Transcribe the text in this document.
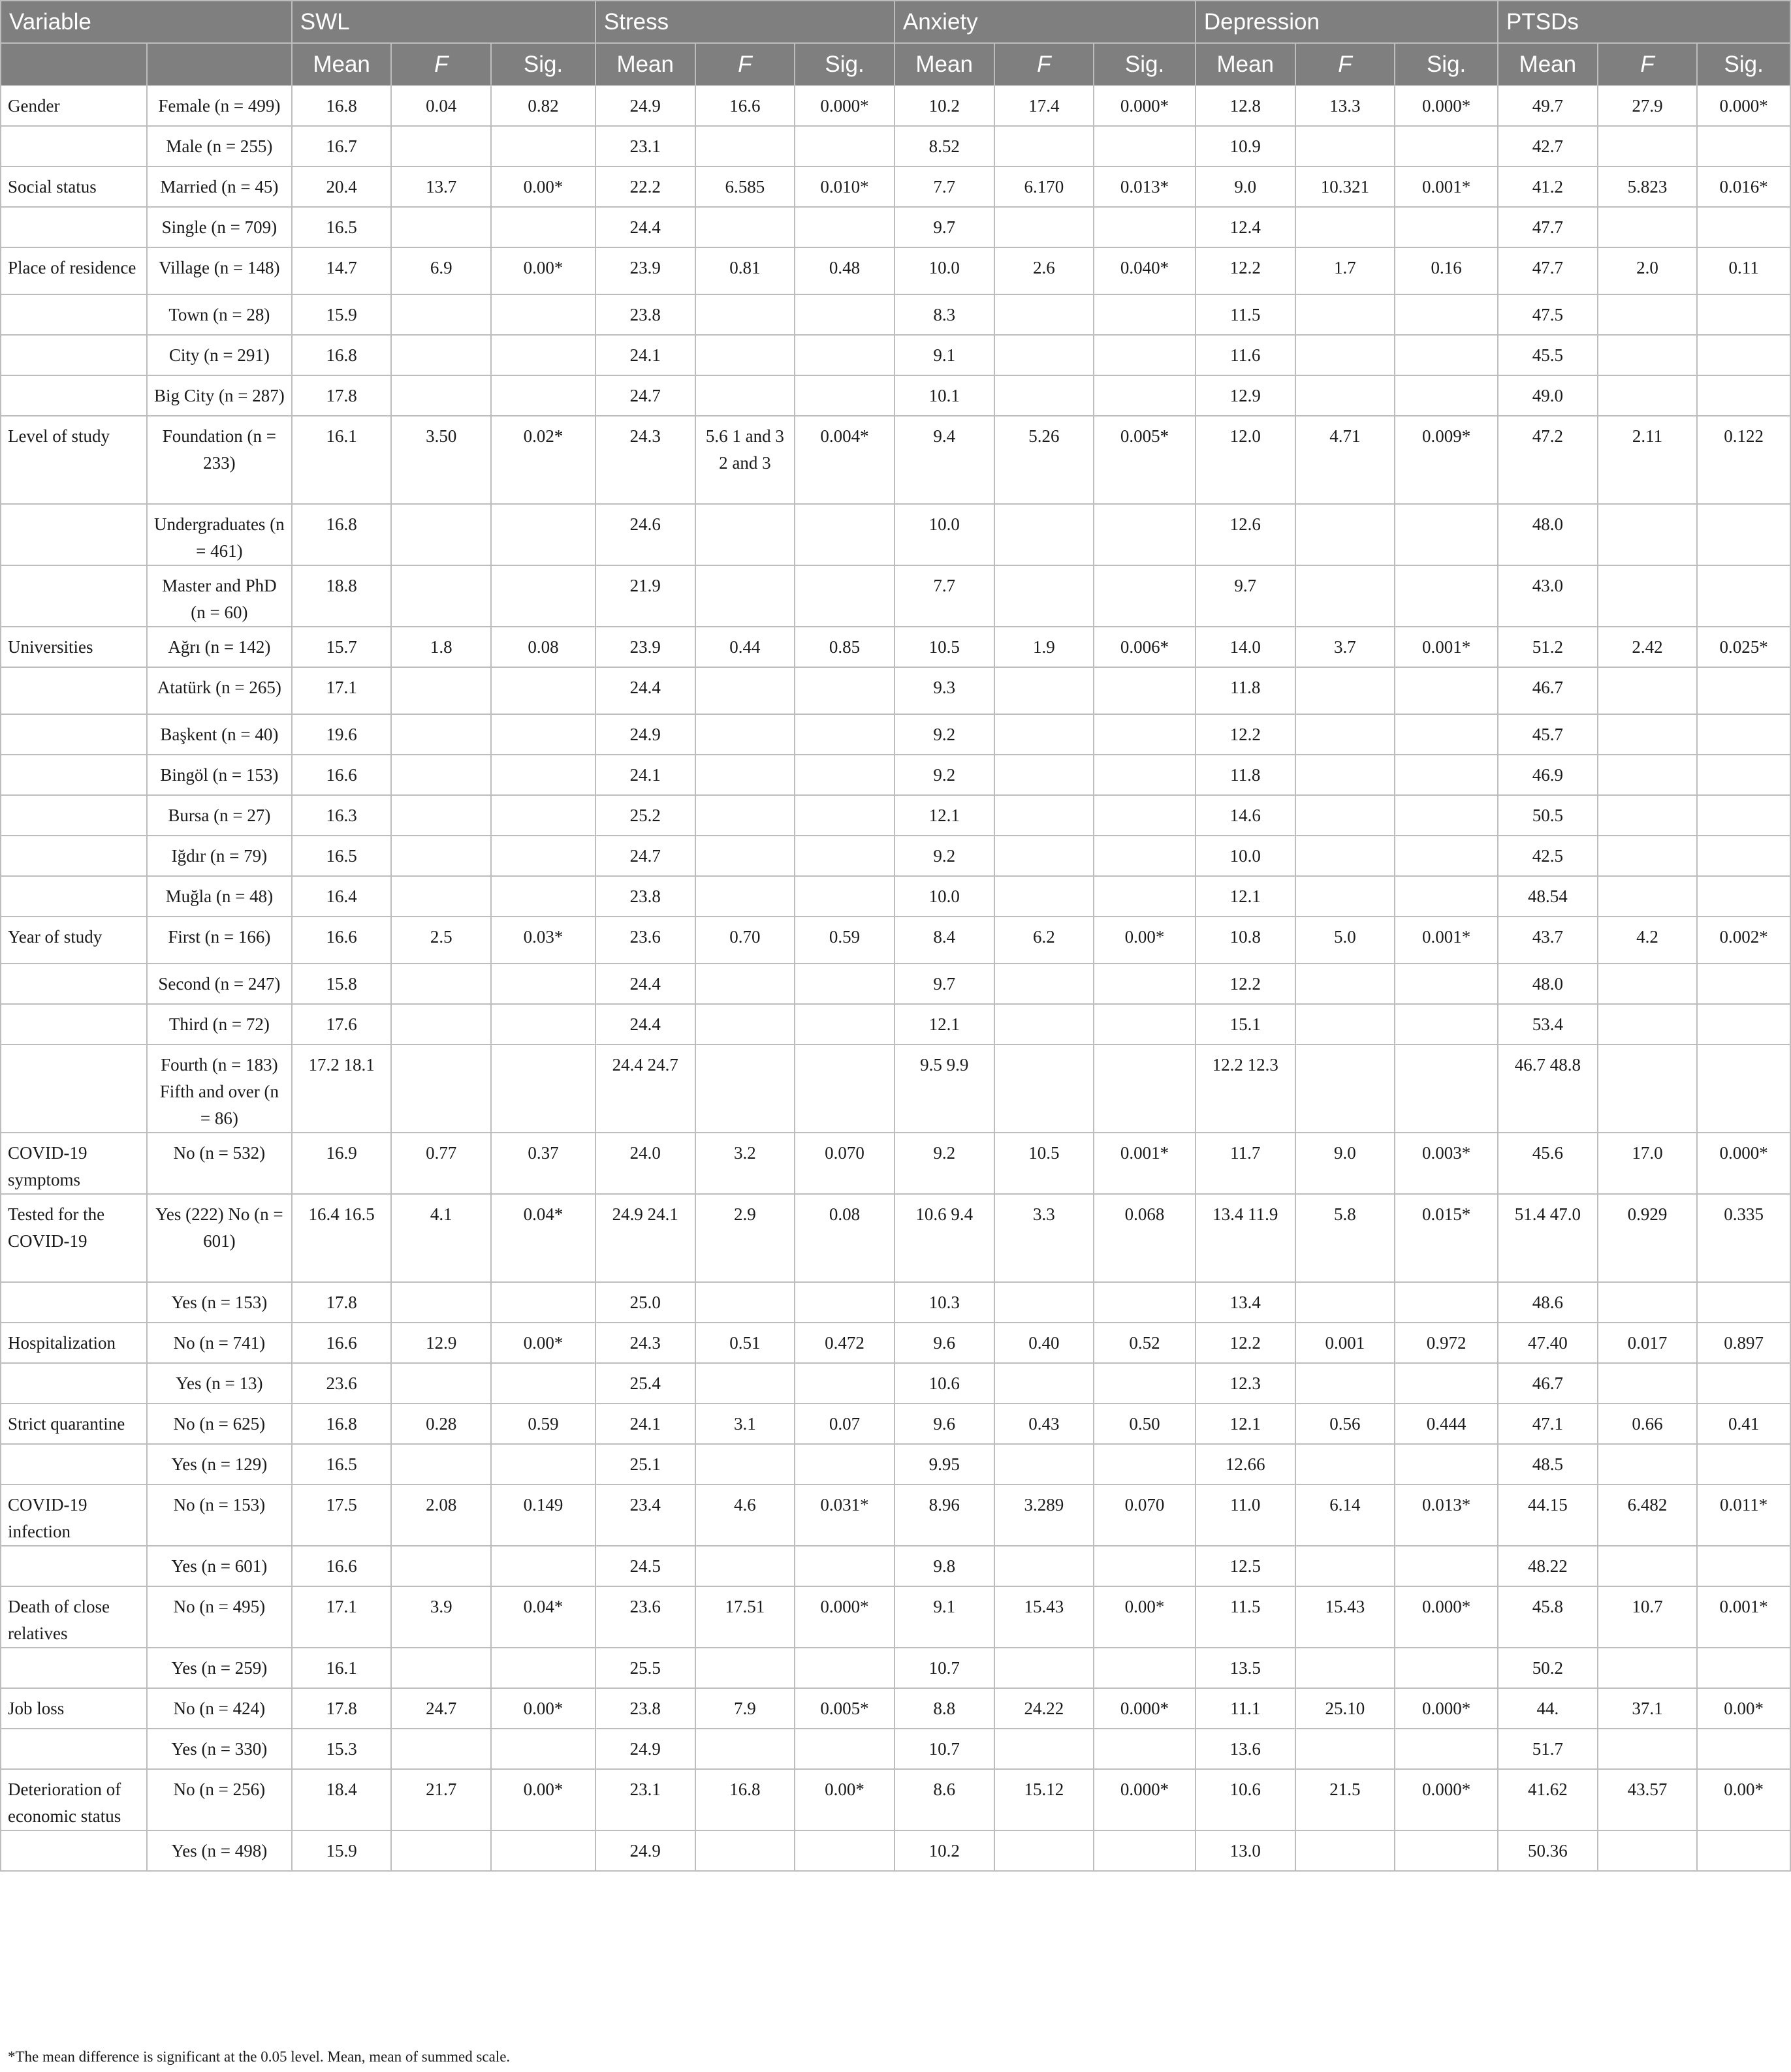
Variable		SWL			Stress			Anxiety			Depression			PTSDs		
		Mean	F	Sig.	Mean	F	Sig.	Mean	F	Sig.	Mean	F	Sig.	Mean	F	Sig.
Gender	Female (n = 499)	16.8	0.04	0.82	24.9	16.6	0.000*	10.2	17.4	0.000*	12.8	13.3	0.000*	49.7	27.9	0.000*
	Male (n = 255)	16.7			23.1			8.52			10.9			42.7		
Social status	Married (n = 45)	20.4	13.7	0.00*	22.2	6.585	0.010*	7.7	6.170	0.013*	9.0	10.321	0.001*	41.2	5.823	0.016*
	Single (n = 709)	16.5			24.4			9.7			12.4			47.7		
Place of residence	Village (n = 148)	14.7	6.9	0.00*	23.9	0.81	0.48	10.0	2.6	0.040*	12.2	1.7	0.16	47.7	2.0	0.11
	Town (n = 28)	15.9			23.8			8.3			11.5			47.5		
	City (n = 291)	16.8			24.1			9.1			11.6			45.5		
	Big City (n = 287)	17.8			24.7			10.1			12.9			49.0		
Level of study	Foundation (n = 233)	16.1	3.50	0.02*	24.3	5.6 1 and 3 2 and 3	0.004*	9.4	5.26	0.005*	12.0	4.71	0.009*	47.2	2.11	0.122
	Undergraduates (n = 461)	16.8			24.6			10.0			12.6			48.0		
	Master and PhD (n = 60)	18.8			21.9			7.7			9.7			43.0		
Universities	Ağrı (n = 142)	15.7	1.8	0.08	23.9	0.44	0.85	10.5	1.9	0.006*	14.0	3.7	0.001*	51.2	2.42	0.025*
	Atatürk (n = 265)	17.1			24.4			9.3			11.8			46.7		
	Başkent (n = 40)	19.6			24.9			9.2			12.2			45.7		
	Bingöl (n = 153)	16.6			24.1			9.2			11.8			46.9		
	Bursa (n = 27)	16.3			25.2			12.1			14.6			50.5		
	Iğdır (n = 79)	16.5			24.7			9.2			10.0			42.5		
	Muğla (n = 48)	16.4			23.8			10.0			12.1			48.54		
Year of study	First (n = 166)	16.6	2.5	0.03*	23.6	0.70	0.59	8.4	6.2	0.00*	10.8	5.0	0.001*	43.7	4.2	0.002*
	Second (n = 247)	15.8			24.4			9.7			12.2			48.0		
	Third (n = 72)	17.6			24.4			12.1			15.1			53.4		
	Fourth (n = 183) Fifth and over (n = 86)	17.2 18.1			24.4 24.7			9.5 9.9			12.2 12.3			46.7 48.8		
COVID-19 symptoms	No (n = 532)	16.9	0.77	0.37	24.0	3.2	0.070	9.2	10.5	0.001*	11.7	9.0	0.003*	45.6	17.0	0.000*
Tested for the COVID-19	Yes (222) No (n = 601)	16.4 16.5	4.1	0.04*	24.9 24.1	2.9	0.08	10.6 9.4	3.3	0.068	13.4 11.9	5.8	0.015*	51.4 47.0	0.929	0.335
	Yes (n = 153)	17.8			25.0			10.3			13.4			48.6		
Hospitalization	No (n = 741)	16.6	12.9	0.00*	24.3	0.51	0.472	9.6	0.40	0.52	12.2	0.001	0.972	47.40	0.017	0.897
	Yes (n = 13)	23.6			25.4			10.6			12.3			46.7		
Strict quarantine	No (n = 625)	16.8	0.28	0.59	24.1	3.1	0.07	9.6	0.43	0.50	12.1	0.56	0.444	47.1	0.66	0.41
	Yes (n = 129)	16.5			25.1			9.95			12.66			48.5		
COVID-19 infection	No (n = 153)	17.5	2.08	0.149	23.4	4.6	0.031*	8.96	3.289	0.070	11.0	6.14	0.013*	44.15	6.482	0.011*
	Yes (n = 601)	16.6			24.5			9.8			12.5			48.22		
Death of close relatives	No (n = 495)	17.1	3.9	0.04*	23.6	17.51	0.000*	9.1	15.43	0.00*	11.5	15.43	0.000*	45.8	10.7	0.001*
	Yes (n = 259)	16.1			25.5			10.7			13.5			50.2		
Job loss	No (n = 424)	17.8	24.7	0.00*	23.8	7.9	0.005*	8.8	24.22	0.000*	11.1	25.10	0.000*	44.	37.1	0.00*
	Yes (n = 330)	15.3			24.9			10.7			13.6			51.7		
Deterioration of economic status	No (n = 256)	18.4	21.7	0.00*	23.1	16.8	0.00*	8.6	15.12	0.000*	10.6	21.5	0.000*	41.62	43.57	0.00*
	Yes (n = 498)	15.9			24.9			10.2			13.0			50.36		
*The mean difference is significant at the 0.05 level. Mean, mean of summed scale.
